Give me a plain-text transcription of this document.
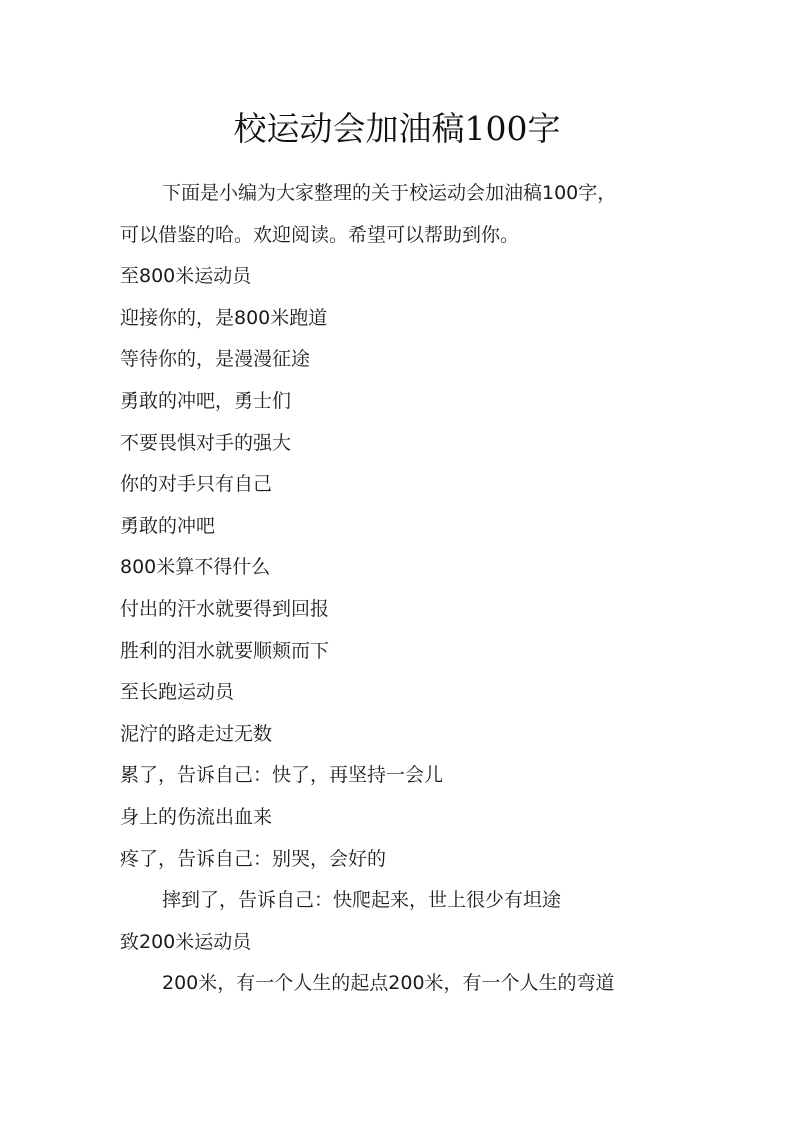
校运动会加油稿100字
下面是小编为大家整理的关于校运动会加油稿100字，
可以借鉴的哈。欢迎阅读。希望可以帮助到你。
至800米运动员
迎接你的，是800米跑道
等待你的，是漫漫征途
勇敢的冲吧，勇士们
不要畏惧对手的强大
你的对手只有自己
勇敢的冲吧
800米算不得什么
付出的汗水就要得到回报
胜利的泪水就要顺颊而下
至长跑运动员
泥泞的路走过无数
累了，告诉自己：快了，再坚持一会儿
身上的伤流出血来
疼了，告诉自己：别哭，会好的
摔到了，告诉自己：快爬起来，世上很少有坦途
致200米运动员
200米，有一个人生的起点200米，有一个人生的弯道
